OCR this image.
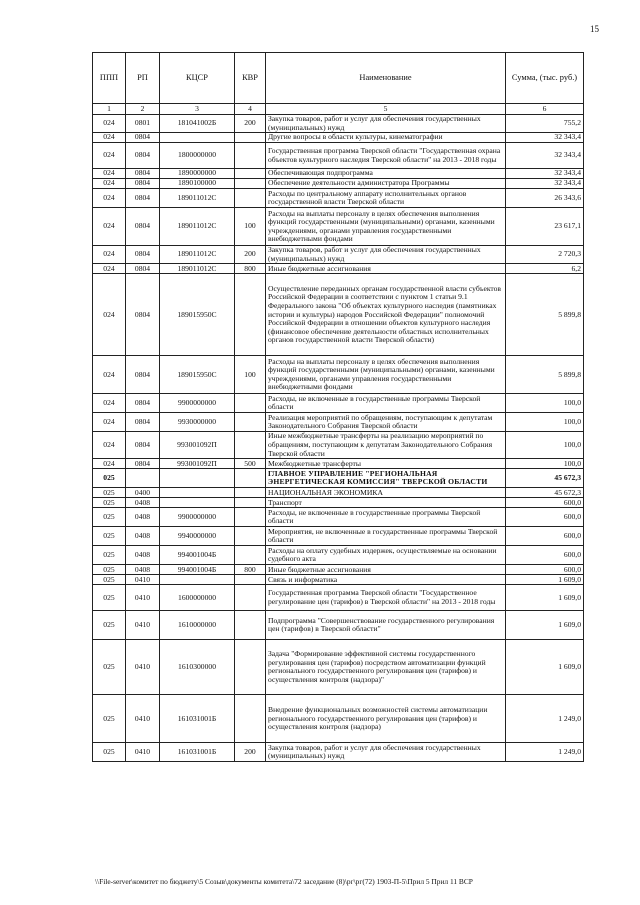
15
ППП	РП	КЦСР	КВР	Наименование	Сумма, (тыс. руб.)
1	2	3	4	5	6
024	0801	181041002Б	200	Закупка товаров, работ и услуг для обеспечения государственных (муниципальных) нужд	755,2
024	0804			Другие вопросы в области культуры, кинематографии	32 343,4
024	0804	1800000000		Государственная программа Тверской области "Государственная охрана объектов культурного наследия Тверской области" на 2013 - 2018 годы	32 343,4
024	0804	1890000000		Обеспечивающая подпрограмма	32 343,4
024	0804	1890100000		Обеспечение деятельности администратора Программы	32 343,4
024	0804	189011012С		Расходы по центральному аппарату исполнительных органов государственной власти Тверской области	26 343,6
024	0804	189011012С	100	Расходы на выплаты персоналу в целях обеспечения выполнения функций государственными (муниципальными) органами, казенными учреждениями, органами управления государственными внебюджетными фондами	23 617,1
024	0804	189011012С	200	Закупка товаров, работ и услуг для обеспечения государственных (муниципальных) нужд	2 720,3
024	0804	189011012С	800	Иные бюджетные ассигнования	6,2
024	0804	189015950С		Осуществление переданных органам государственной власти субъектов Российской Федерации в соответствии с пунктом 1 статьи 9.1 Федерального закона "Об объектах культурного наследия (памятниках истории и культуры) народов Российской Федерации" полномочий Российской Федерации в отношении объектов культурного наследия (финансовое обеспечение деятельности областных исполнительных органов государственной власти Тверской области)	5 899,8
024	0804	189015950С	100	Расходы на выплаты персоналу в целях обеспечения выполнения функций государственными (муниципальными) органами, казенными учреждениями, органами управления государственными внебюджетными фондами	5 899,8
024	0804	9900000000		Расходы, не включенные в государственные программы Тверской области	100,0
024	0804	9930000000		Реализация мероприятий по обращениям, поступающим к депутатам Законодательного Собрания Тверской области	100,0
024	0804	993001092П		Иные межбюджетные трансферты на реализацию мероприятий по обращениям, поступающим к депутатам Законодательного Собрания Тверской области	100,0
024	0804	993001092П	500	Межбюджетные трансферты	100,0
025				ГЛАВНОЕ УПРАВЛЕНИЕ "РЕГИОНАЛЬНАЯ ЭНЕРГЕТИЧЕСКАЯ КОМИССИЯ" ТВЕРСКОЙ ОБЛАСТИ	45 672,3
025	0400			НАЦИОНАЛЬНАЯ ЭКОНОМИКА	45 672,3
025	0408			Транспорт	600,0
025	0408	9900000000		Расходы, не включенные в государственные программы Тверской области	600,0
025	0408	9940000000		Мероприятия, не включенные в государственные программы Тверской области	600,0
025	0408	994001004Б		Расходы на оплату судебных издержек, осуществляемые на основании судебного акта	600,0
025	0408	994001004Б	800	Иные бюджетные ассигнования	600,0
025	0410			Связь и информатика	1 609,0
025	0410	1600000000		Государственная программа Тверской области "Государственное регулирование цен (тарифов) в Тверской области" на 2013 - 2018 годы	1 609,0
025	0410	1610000000		Подпрограмма "Совершенствование государственного регулирования цен (тарифов) в Тверской области"	1 609,0
025	0410	1610300000		Задача "Формирование эффективной системы государственного регулирования цен (тарифов) посредством автоматизации функций регионального государственного регулирования цен (тарифов) и осуществления контроля (надзора)"	1 609,0
025	0410	161031001Б		Внедрение функциональных возможностей системы автоматизации регионального государственного регулирования цен (тарифов) и осуществления контроля (надзора)	1 249,0
025	0410	161031001Б	200	Закупка товаров, работ и услуг для обеспечения государственных (муниципальных) нужд	1 249,0
\\File-server\комитет по бюджету\5 Созыв\документы комитета\72 заседание (8)\рг\рг(72) 1903-П-5\Прил 5 Прил 11 ВСР
